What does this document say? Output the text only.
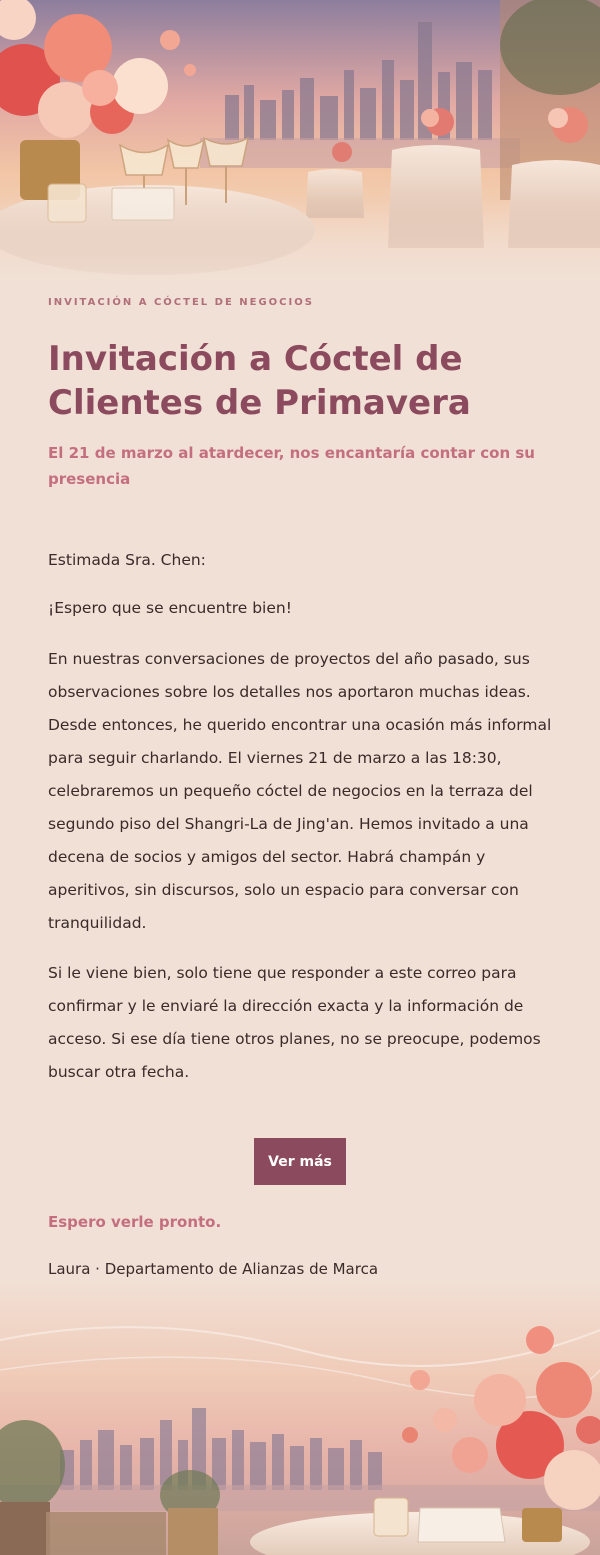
INVITACIÓN A CÓCTEL DE NEGOCIOS
Invitación a Cóctel de Clientes de Primavera

El 21 de marzo al atardecer, nos encantaría contar con su presencia

Estimada Sra. Chen:

¡Espero que se encuentre bien!

En nuestras conversaciones de proyectos del año pasado, sus observaciones sobre los detalles nos aportaron muchas ideas. Desde entonces, he querido encontrar una ocasión más informal para seguir charlando. El viernes 21 de marzo a las 18:30, celebraremos un pequeño cóctel de negocios en la terraza del segundo piso del Shangri-La de Jing'an. Hemos invitado a una decena de socios y amigos del sector. Habrá champán y aperitivos, sin discursos, solo un espacio para conversar con tranquilidad.

Si le viene bien, solo tiene que responder a este correo para confirmar y le enviaré la dirección exacta y la información de acceso. Si ese día tiene otros planes, no se preocupe, podemos buscar otra fecha.

Ver más
Espero verle pronto.
Laura · Departamento de Alianzas de Marca
